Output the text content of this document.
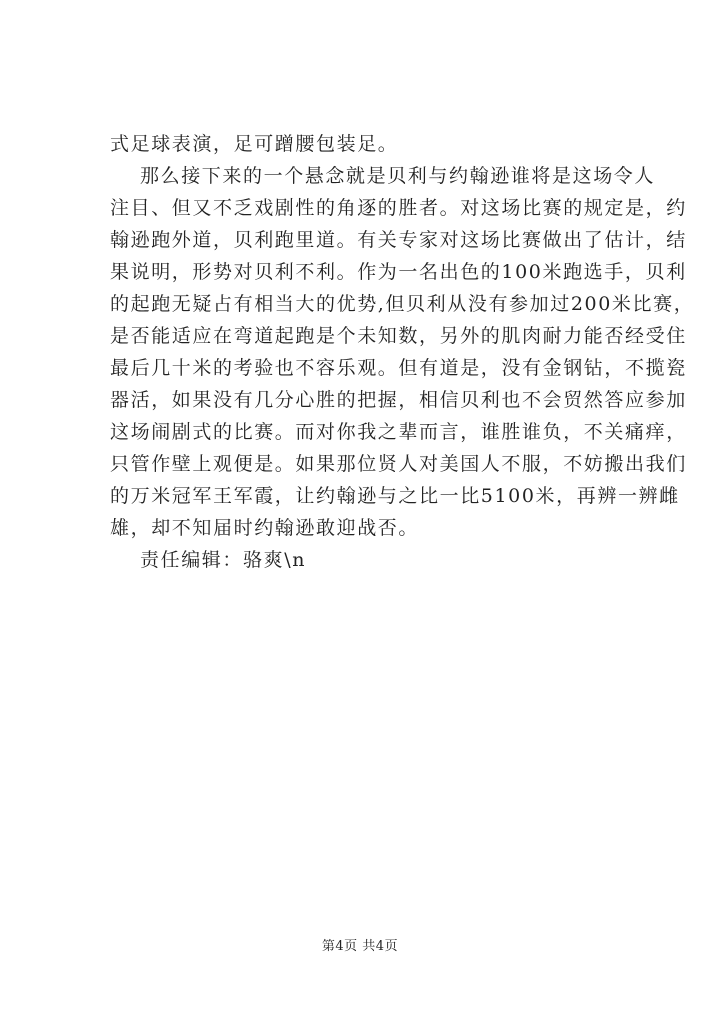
式足球表演，足可蹭腰包装足。
那么接下来的一个悬念就是贝利与约翰逊谁将是这场令人
注目、但又不乏戏剧性的角逐的胜者。对这场比赛的规定是，约
翰逊跑外道，贝利跑里道。有关专家对这场比赛做出了估计，结
果说明，形势对贝利不利。作为一名出色的100米跑选手，贝利
的起跑无疑占有相当大的优势,但贝利从没有参加过200米比赛，
是否能适应在弯道起跑是个未知数，另外的肌肉耐力能否经受住
最后几十米的考验也不容乐观。但有道是，没有金钢钻，不揽瓷
器活，如果没有几分心胜的把握，相信贝利也不会贸然答应参加
这场闹剧式的比赛。而对你我之辈而言，谁胜谁负，不关痛痒，
只管作壁上观便是。如果那位贤人对美国人不服，不妨搬出我们
的万米冠军王军霞，让约翰逊与之比一比5100米，再辨一辨雌
雄，却不知届时约翰逊敢迎战否。
责任编辑：骆爽\n
第4页 共4页
